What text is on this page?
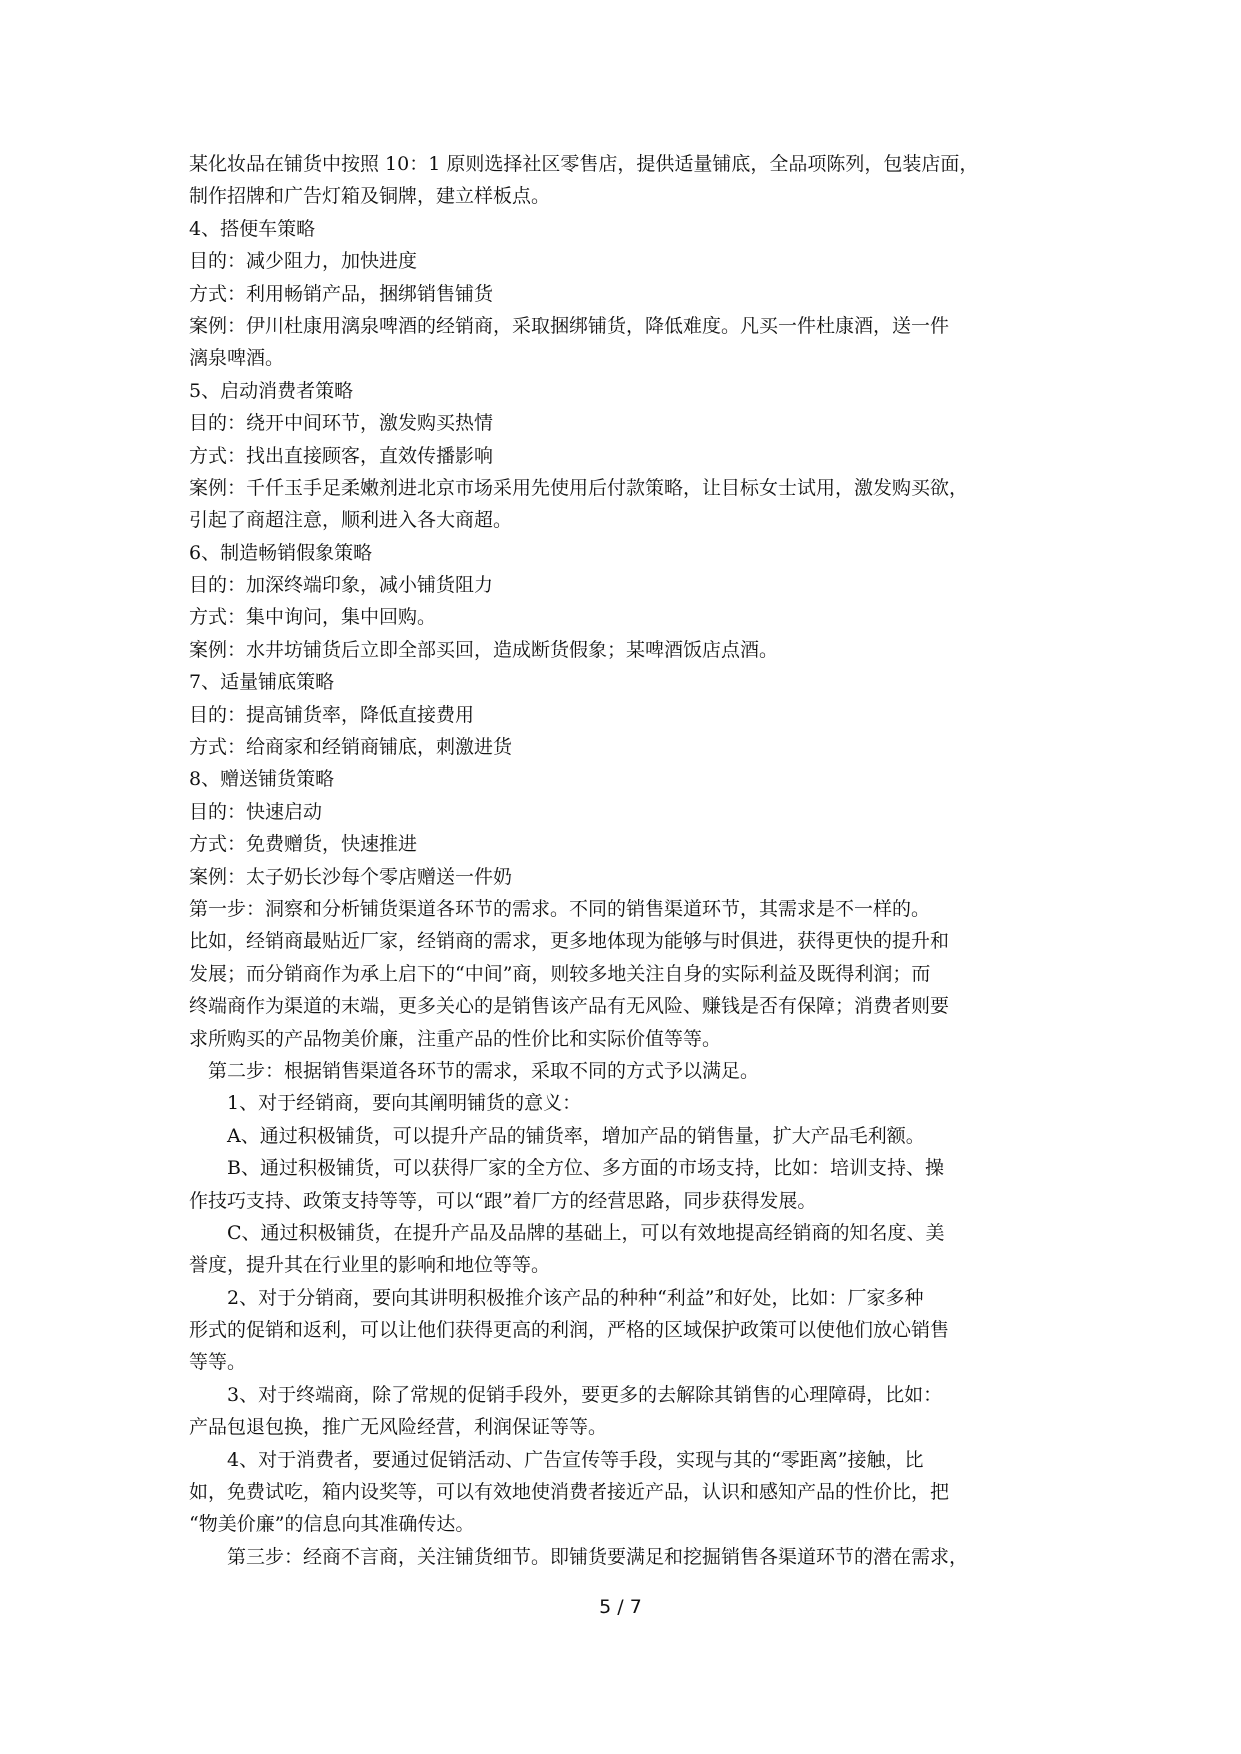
某化妆品在铺货中按照 10：1 原则选择社区零售店，提供适量铺底，全品项陈列，包装店面，
制作招牌和广告灯箱及铜牌，建立样板点。
4、搭便车策略
目的：减少阻力，加快进度
方式：利用畅销产品，捆绑销售铺货
案例：伊川杜康用漓泉啤酒的经销商，采取捆绑铺货，降低难度。凡买一件杜康酒，送一件
漓泉啤酒。
5、启动消费者策略
目的：绕开中间环节，激发购买热情
方式：找出直接顾客，直效传播影响
案例：千仟玉手足柔嫩剂进北京市场采用先使用后付款策略，让目标女士试用，激发购买欲，
引起了商超注意，顺利进入各大商超。
6、制造畅销假象策略
目的：加深终端印象，减小铺货阻力
方式：集中询问，集中回购。
案例：水井坊铺货后立即全部买回，造成断货假象；某啤酒饭店点酒。
7、适量铺底策略
目的：提高铺货率，降低直接费用
方式：给商家和经销商铺底，刺激进货
8、赠送铺货策略
目的：快速启动
方式：免费赠货，快速推进
案例：太子奶长沙每个零店赠送一件奶
第一步：洞察和分析铺货渠道各环节的需求。不同的销售渠道环节，其需求是不一样的。
比如，经销商最贴近厂家，经销商的需求，更多地体现为能够与时俱进，获得更快的提升和
发展；而分销商作为承上启下的“中间”商，则较多地关注自身的实际利益及既得利润；而
终端商作为渠道的末端，更多关心的是销售该产品有无风险、赚钱是否有保障；消费者则要
求所购买的产品物美价廉，注重产品的性价比和实际价值等等。
　第二步：根据销售渠道各环节的需求，采取不同的方式予以满足。
　　1、对于经销商，要向其阐明铺货的意义：
　　A、通过积极铺货，可以提升产品的铺货率，增加产品的销售量，扩大产品毛利额。
　　B、通过积极铺货，可以获得厂家的全方位、多方面的市场支持，比如：培训支持、操
作技巧支持、政策支持等等，可以“跟”着厂方的经营思路，同步获得发展。
　　C、通过积极铺货，在提升产品及品牌的基础上，可以有效地提高经销商的知名度、美
誉度，提升其在行业里的影响和地位等等。
　　2、对于分销商，要向其讲明积极推介该产品的种种“利益”和好处，比如：厂家多种
形式的促销和返利，可以让他们获得更高的利润，严格的区域保护政策可以使他们放心销售
等等。
　　3、对于终端商，除了常规的促销手段外，要更多的去解除其销售的心理障碍，比如：
产品包退包换，推广无风险经营，利润保证等等。
　　4、对于消费者，要通过促销活动、广告宣传等手段，实现与其的“零距离”接触，比
如，免费试吃，箱内设奖等，可以有效地使消费者接近产品，认识和感知产品的性价比，把
“物美价廉”的信息向其准确传达。
　　第三步：经商不言商，关注铺货细节。即铺货要满足和挖掘销售各渠道环节的潜在需求，
5 / 7
